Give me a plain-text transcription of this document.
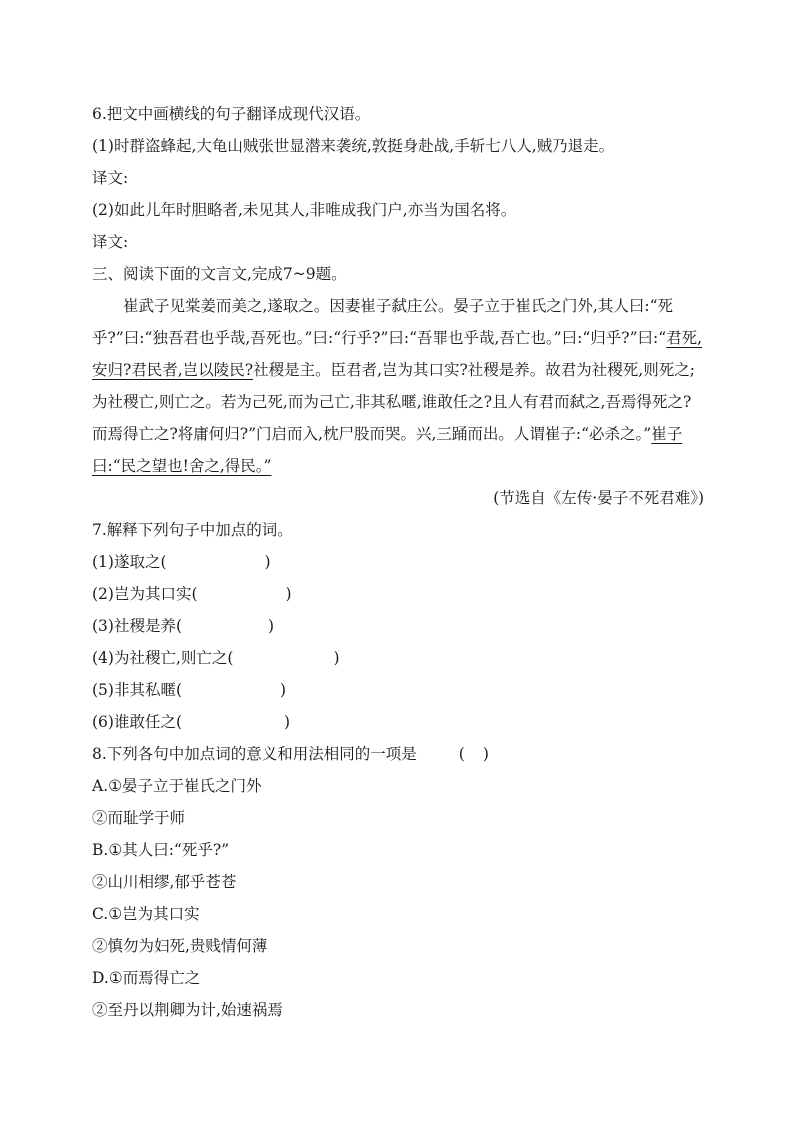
6.把文中画横线的句子翻译成现代汉语。

(1)时群盗蜂起,大龟山贼张世显潜来袭统,敦挺身赴战,手斩七八人,贼乃退走。

译文:

(2)如此儿年时胆略者,未见其人,非唯成我门户,亦当为国名将。

译文:

三、阅读下面的文言文,完成7~9题。

崔武子见棠姜而美之,遂取之。因妻崔子弑庄公。晏子立于崔氏之门外,其人曰:“死乎?”曰:“独吾君也乎哉,吾死也。”曰:“行乎?”曰:“吾罪也乎哉,吾亡也。”曰:“归乎?”曰:“君死,安归?君民者,岂以陵民?社稷是主。臣君者,岂为其口实?社稷是养。故君为社稷死,则死之;为社稷亡,则亡之。若为己死,而为己亡,非其私暱,谁敢任之?且人有君而弑之,吾焉得死之?而焉得亡之?将庸何归?”门启而入,枕尸股而哭。兴,三踊而出。人谓崔子:“必杀之。”崔子曰:“民之望也!舍之,得民。”

(节选自《左传·晏子不死君难》)

7.解释下列句子中加点的词。

(1)遂取之(	)

(2)岂为其口实(	)

(3)社稷是养(	)

(4)为社稷亡,则亡之(	)

(5)非其私暱(	)

(6)谁敢任之(	)

8.下列各句中加点词的意义和用法相同的一项是	( )

A.①晏子立于崔氏之门外

②而耻学于师

B.①其人曰:“死乎?”

②山川相缪,郁乎苍苍

C.①岂为其口实

②慎勿为妇死,贵贱情何薄

D.①而焉得亡之

②至丹以荆卿为计,始速祸焉
